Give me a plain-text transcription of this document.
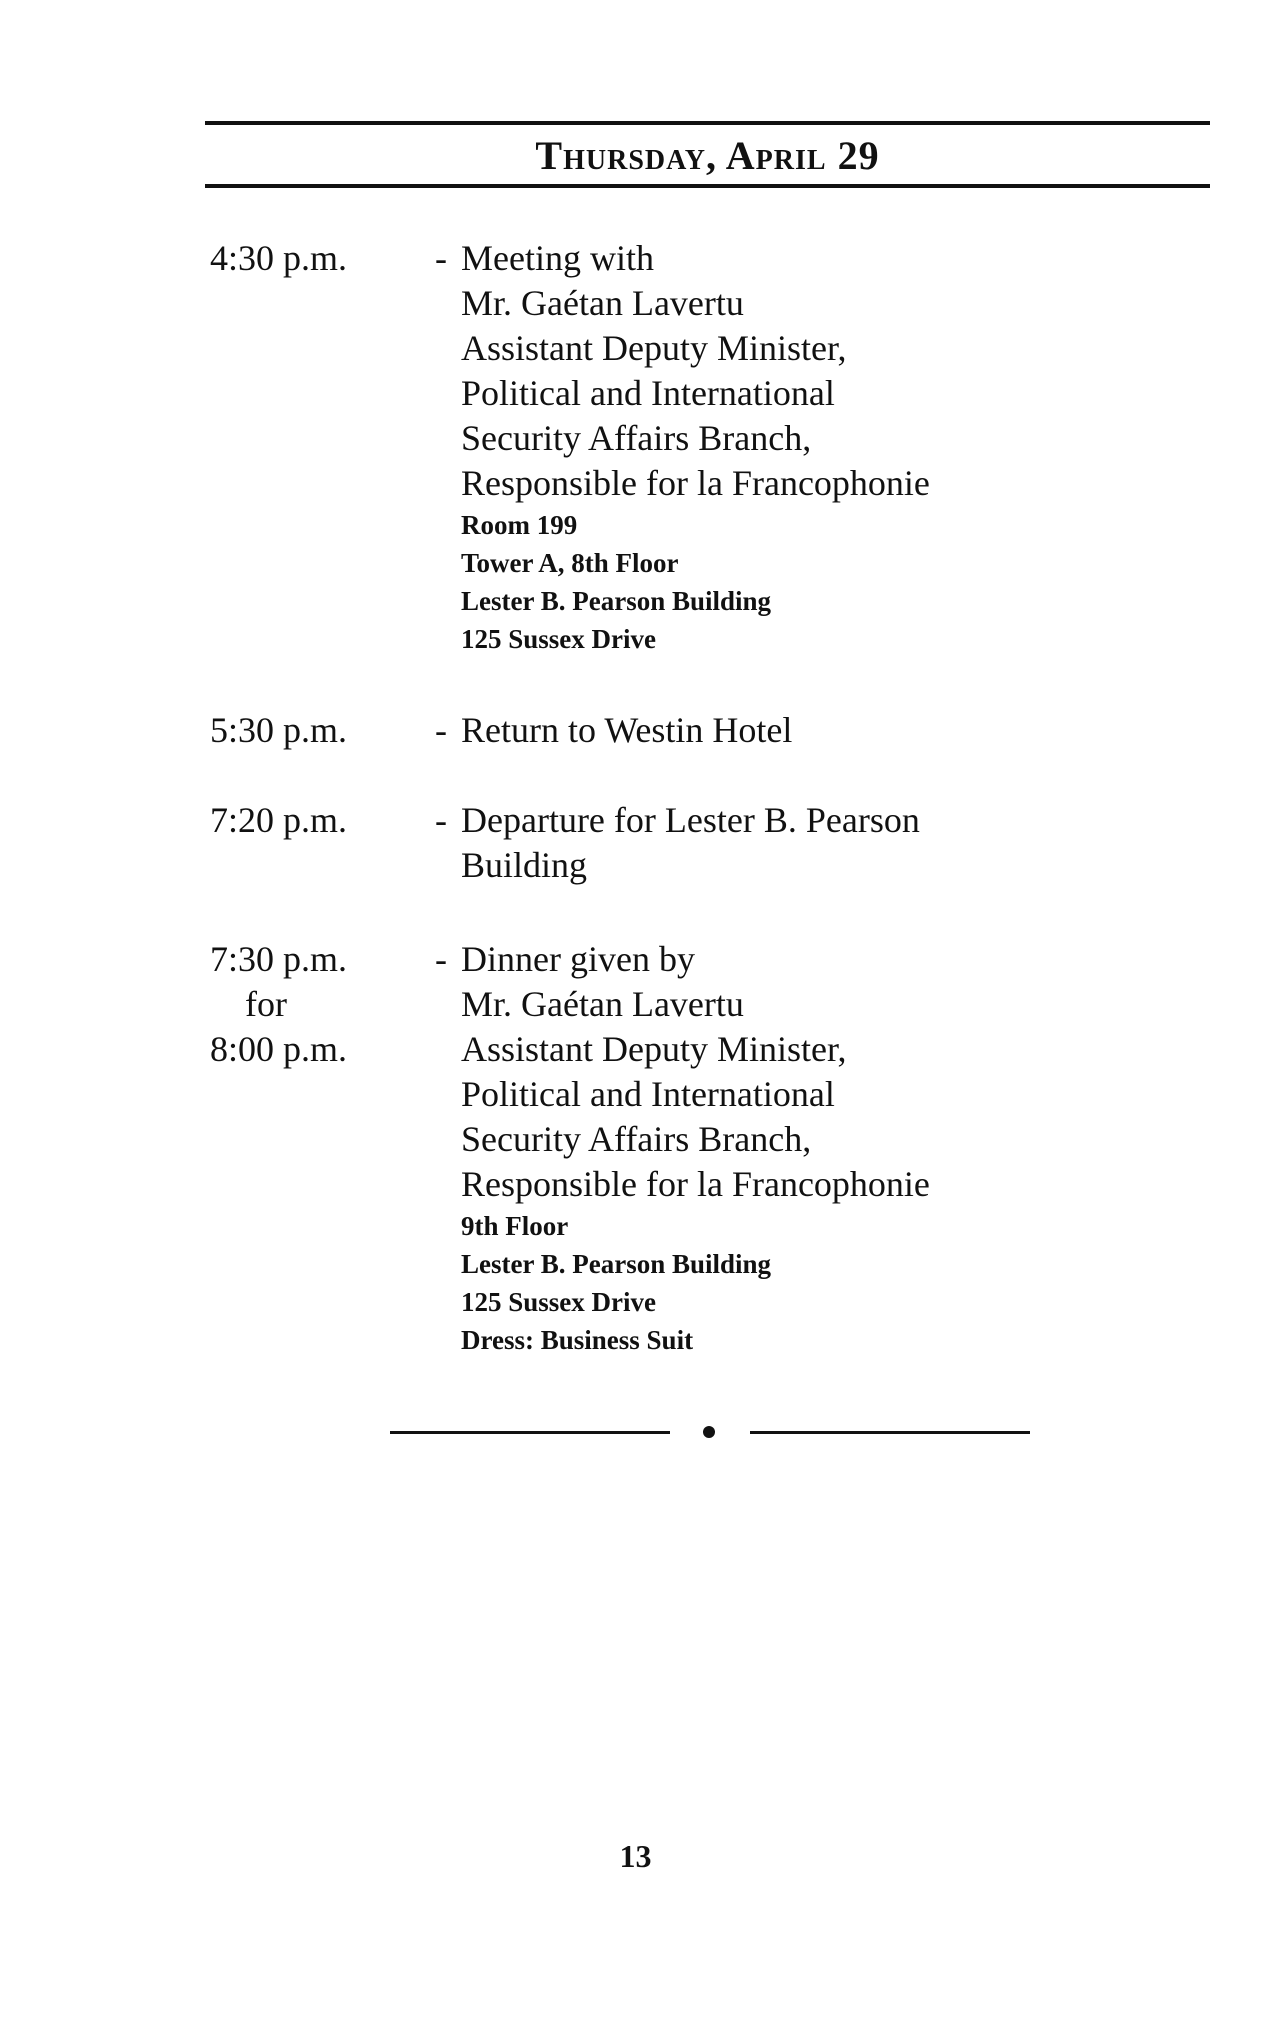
Thursday, April 29
4:30 p.m.	- Meeting with
Mr. Gaétan Lavertu
Assistant Deputy Minister,
Political and International
Security Affairs Branch,
Responsible for la Francophonie
Room 199
Tower A, 8th Floor
Lester B. Pearson Building
125 Sussex Drive
5:30 p.m.	- Return to Westin Hotel
7:20 p.m.	- Departure for Lester B. Pearson
Building
7:30 p.m.
for
8:00 p.m.
- Dinner given by
Mr. Gaétan Lavertu
Assistant Deputy Minister,
Political and International
Security Affairs Branch,
Responsible for la Francophonie
9th Floor
Lester B. Pearson Building
125 Sussex Drive
Dress: Business Suit
13
